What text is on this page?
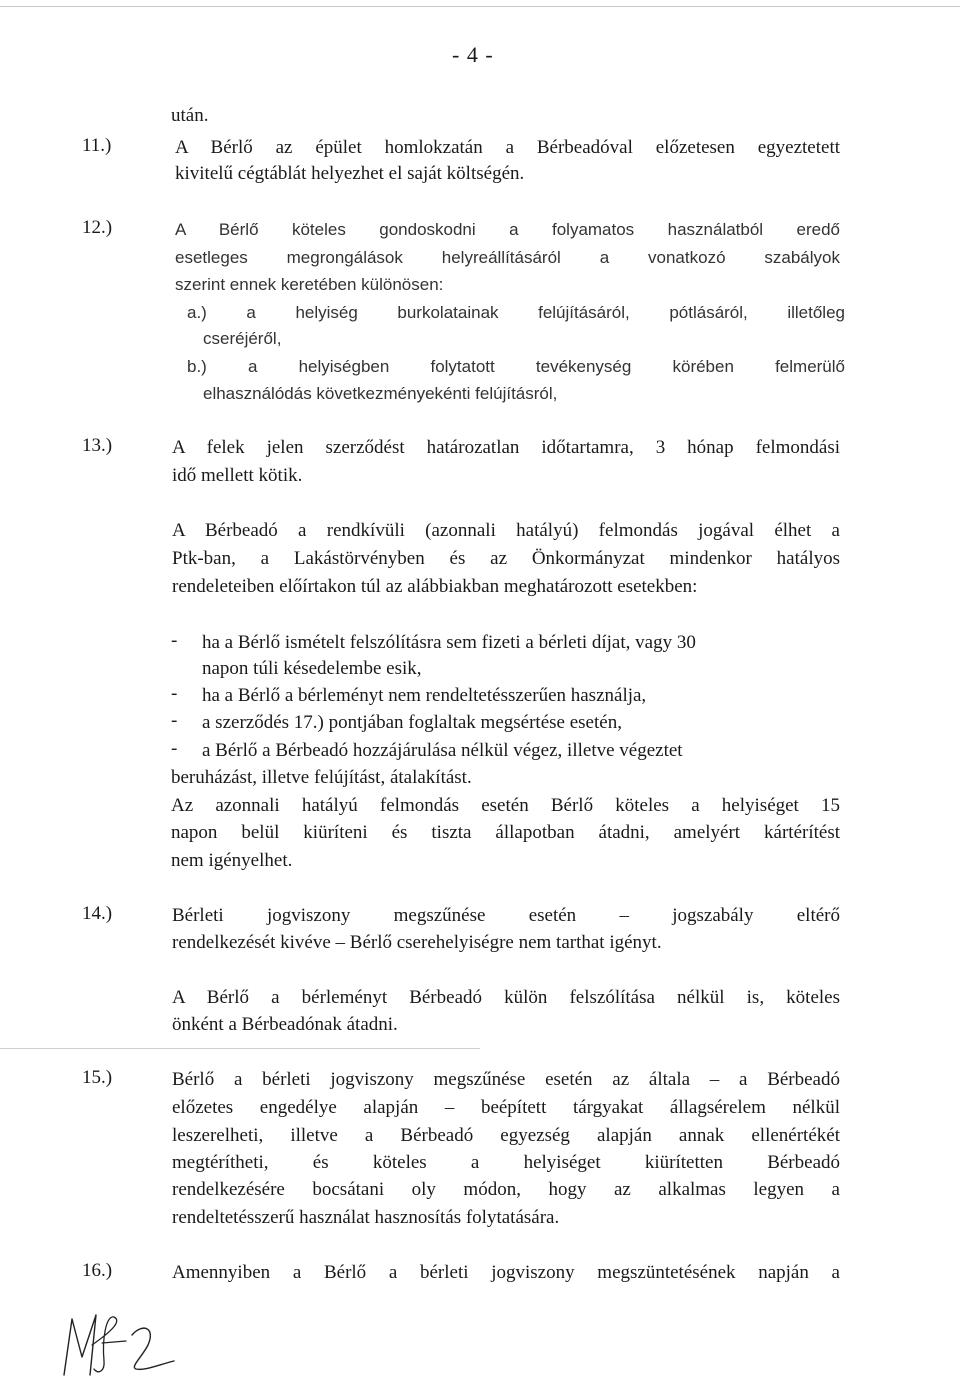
- 4 -
után.
11.)	A Bérlő az épület homlokzatán a Bérbeadóval előzetesen egyeztetett
kivitelű cégtáblát helyezhet el saját költségén.
12.)	A Bérlő köteles gondoskodni a folyamatos használatból eredő
esetleges megrongálások helyreállításáról a vonatkozó szabályok
szerint ennek keretében különösen:
a.) a helyiség burkolatainak felújításáról, pótlásáról, illetőleg
cseréjéről,
b.) a helyiségben folytatott tevékenység körében felmerülő
elhasználódás következményekénti felújításról,
13.)	A felek jelen szerződést határozatlan időtartamra, 3 hónap felmondási
idő mellett kötik.
A Bérbeadó a rendkívüli (azonnali hatályú) felmondás jogával élhet a
Ptk-ban, a Lakástörvényben és az Önkormányzat mindenkor hatályos
rendeleteiben előírtakon túl az alábbiakban meghatározott esetekben:
- ha a Bérlő ismételt felszólításra sem fizeti a bérleti díjat, vagy 30
napon túli késedelembe esik,
- ha a Bérlő a bérleményt nem rendeltetésszerűen használja,
- a szerződés 17.) pontjában foglaltak megsértése esetén,
- a Bérlő a Bérbeadó hozzájárulása nélkül végez, illetve végeztet
beruházást, illetve felújítást, átalakítást.
Az azonnali hatályú felmondás esetén Bérlő köteles a helyiséget 15
napon belül kiüríteni és tiszta állapotban átadni, amelyért kártérítést
nem igényelhet.
14.)	Bérleti jogviszony megszűnése esetén – jogszabály eltérő
rendelkezését kivéve – Bérlő cserehelyiségre nem tarthat igényt.
A Bérlő a bérleményt Bérbeadó külön felszólítása nélkül is, köteles
önként a Bérbeadónak átadni.
15.)	Bérlő a bérleti jogviszony megszűnése esetén az általa – a Bérbeadó
előzetes engedélye alapján – beépített tárgyakat állagsérelem nélkül
leszerelheti, illetve a Bérbeadó egyezség alapján annak ellenértékét
megtérítheti, és köteles a helyiséget kiürítetten Bérbeadó
rendelkezésére bocsátani oly módon, hogy az alkalmas legyen a
rendeltetésszerű használat hasznosítás folytatására.
16.)	Amennyiben a Bérlő a bérleti jogviszony megszüntetésének napján a
